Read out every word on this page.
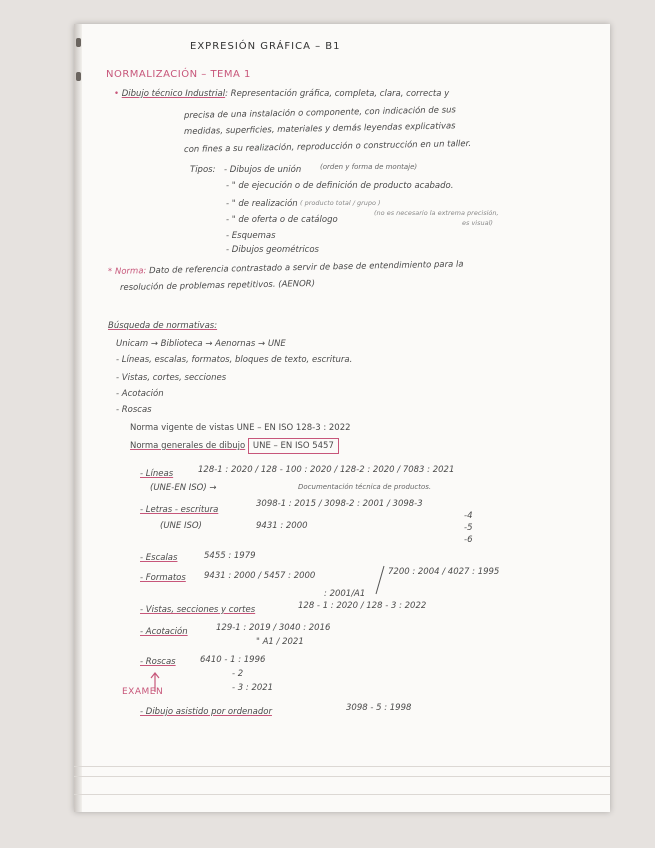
EXPRESIÓN GRÁFICA – B1
NORMALIZACIÓN – TEMA 1
• Dibujo técnico Industrial: Representación gráfica, completa, clara, correcta y
precisa de una instalación o componente, con indicación de sus
medidas, superficies, materiales y demás leyendas explicativas
con fines a su realización, reproducción o construcción en un taller.
Tipos: - Dibujos de unión	(orden y forma de montaje)
- " de ejecución o de definición de producto acabado.
- " de realización ( producto total / grupo )
- " de oferta o de catálogo
(no es necesario la extrema precisión,
es visual)
- Esquemas
- Dibujos geométricos
* Norma: Dato de referencia contrastado a servir de base de entendimiento para la
resolución de problemas repetitivos. (AENOR)
Búsqueda de normativas:
Unicam → Biblioteca → Aenornas → UNE
- Líneas, escalas, formatos, bloques de texto, escritura.
- Vistas, cortes, secciones
- Acotación
- Roscas
Norma vigente de vistas UNE – EN ISO 128-3 : 2022
Norma generales de dibujo UNE – EN ISO 5457
- Líneas	128-1 : 2020 / 128 - 100 : 2020 / 128-2 : 2020 / 7083 : 2021
(UNE-EN ISO) →	Documentación técnica de productos.
- Letras - escritura
3098-1 : 2015 / 3098-2 : 2001 / 3098-3
-4
-5
-6
(UNE ISO)	9431 : 2000
- Escalas	5455 : 1979
- Formatos 9431 : 2000 / 5457 : 2000
: 2001/A1
7200 : 2004 / 4027 : 1995
- Vistas, secciones y cortes	128 - 1 : 2020 / 128 - 3 : 2022
- Acotación	129-1 : 2019 / 3040 : 2016
" A1 / 2021
- Roscas	6410 - 1 : 1996
- 2
- 3 : 2021
EXAMEN
- Dibujo asistido por ordenador	3098 - 5 : 1998
